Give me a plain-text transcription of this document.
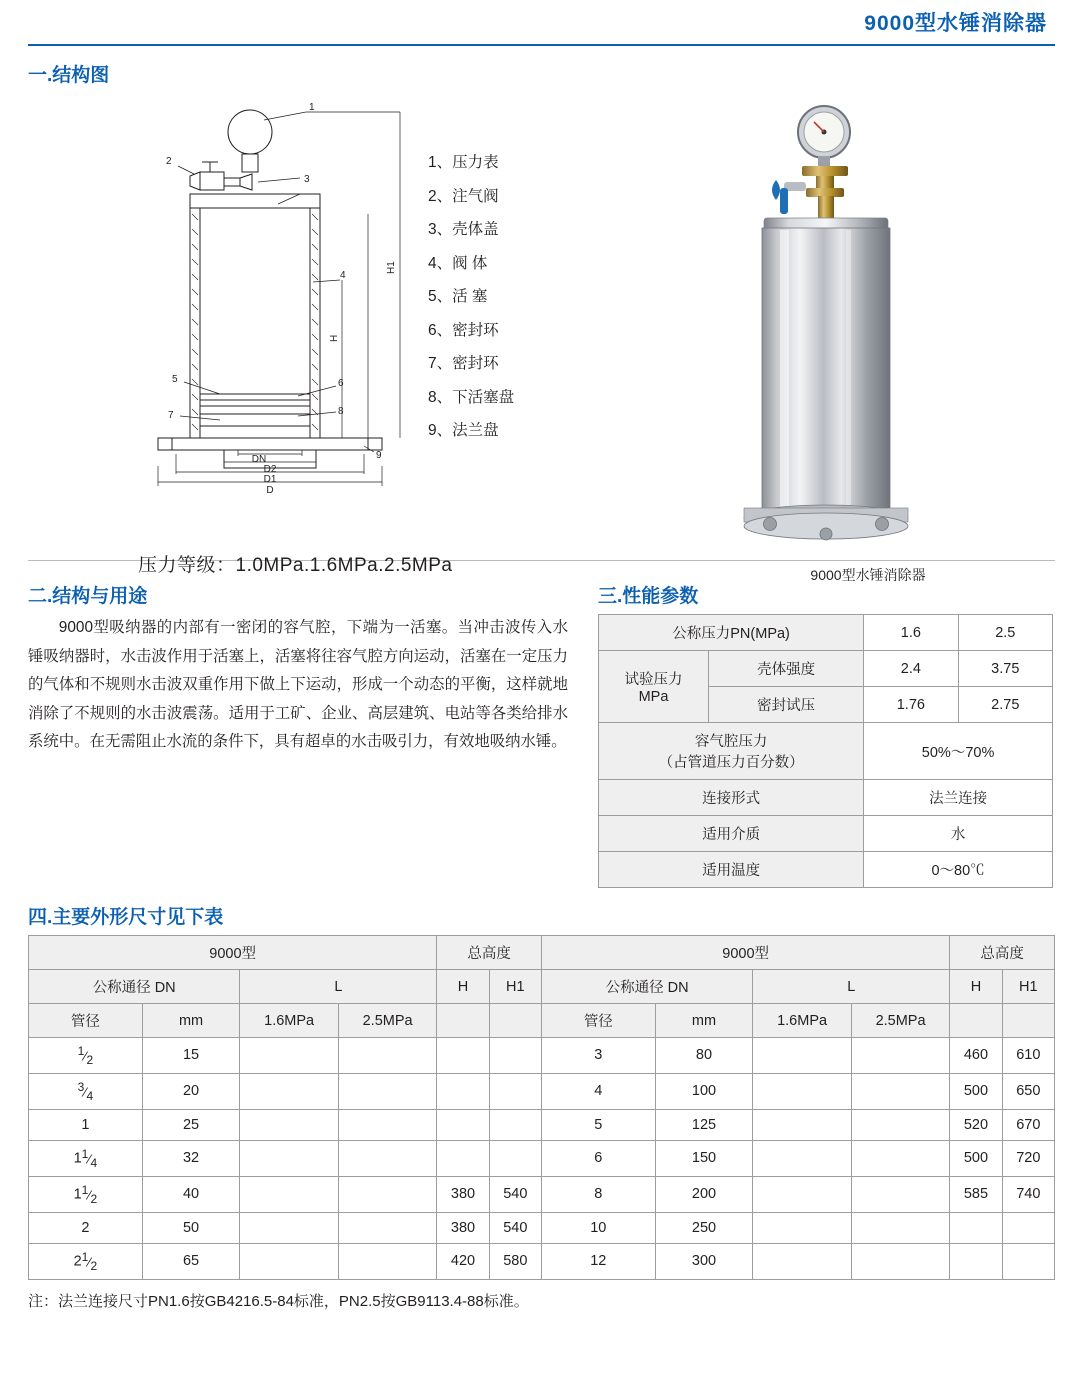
9000型水锤消除器
一.结构图
1
2
3
4
5	6
7	8
9
H1
H
DN
D2
D1
D
1、压力表
2、注气阀
3、壳体盖
4、阀 体
5、活 塞
6、密封环
7、密封环
8、下活塞盘
9、法兰盘
压力等级：1.0MPa.1.6MPa.2.5MPa	9000型水锤消除器
二.结构与用途

9000型吸纳器的内部有一密闭的容气腔，下端为一活塞。当冲击波传入水锤吸纳器时，水击波作用于活塞上，活塞将往容气腔方向运动，活塞在一定压力的气体和不规则水击波双重作用下做上下运动，形成一个动态的平衡，这样就地消除了不规则的水击波震荡。适用于工矿、企业、高层建筑、电站等各类给排水系统中。在无需阻止水流的条件下，具有超卓的水击吸引力，有效地吸纳水锤。

三.性能参数
公称压力PN(MPa)		1.6	2.5

试验压力
MPa	壳体强度	2.4	3.75
	密封试压	1.76	2.75

容气腔压力
（占管道压力百分数）		50%～70%	
连接形式		法兰连接	
适用介质		水	
适用温度		0～80℃	
四.主要外形尺寸见下表
9000型				总高度		9000型				总高度	
公称通径 DN		L		H	H1	公称通径 DN		L		H	H1
管径	mm	1.6MPa	2.5MPa			管径	mm	1.6MPa	2.5MPa		
$^1⁄_2$	15					3	80			460	610
$^3⁄_4$	20					4	100			500	650
1	25					5	125			520	670
$1^1⁄_4$	32					6	150			500	720
$1^1⁄_2$	40			380	540	8	200			585	740
2	50			380	540	10	250				
$2^1⁄_2$	65			420	580	12	300				
注：法兰连接尺寸PN1.6按GB4216.5-84标准，PN2.5按GB9113.4-88标准。
